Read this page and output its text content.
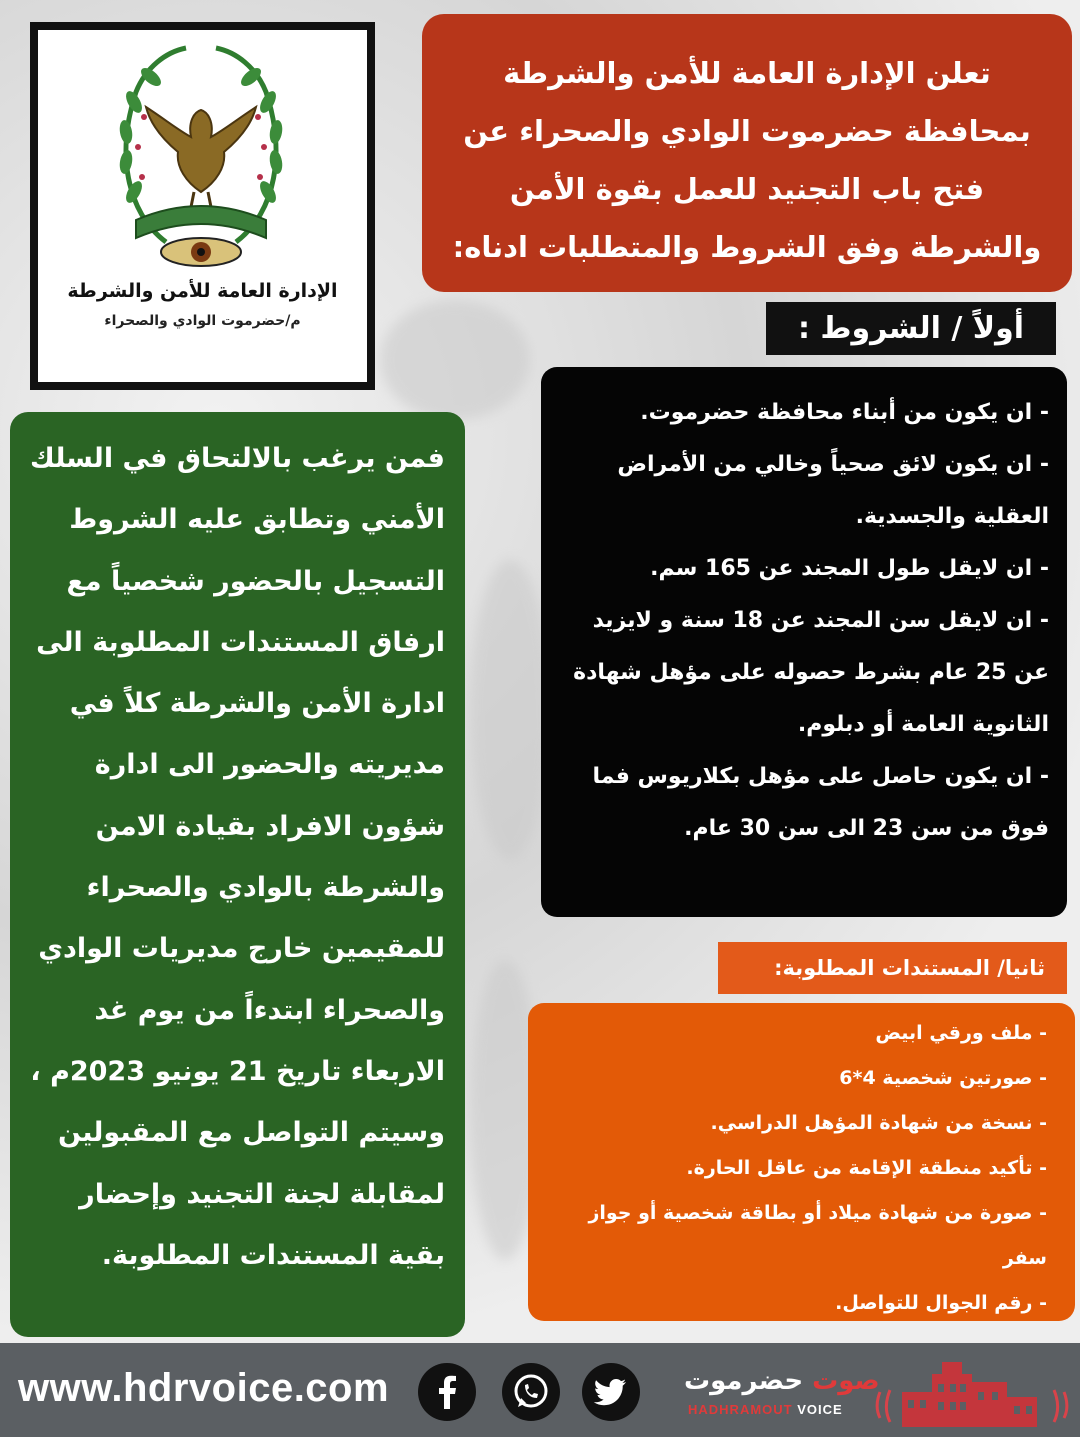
الإدارة العامة للأمن والشرطة
م/حضرموت الوادي والصحراء
تعلن الإدارة العامة للأمن والشرطة بمحافظة حضرموت الوادي والصحراء عن فتح باب التجنيد للعمل بقوة الأمن والشرطة وفق الشروط والمتطلبات ادناه:
أولاً / الشروط :

- ان يكون من أبناء محافظة حضرموت.

- ان يكون لائق صحياً وخالي من الأمراض العقلية والجسدية.

- ان لايقل طول المجند عن 165 سم.

- ان لايقل سن المجند عن 18 سنة و لايزيد عن 25 عام بشرط حصوله على مؤهل شهادة الثانوية العامة أو دبلوم.

- ان يكون حاصل على مؤهل بكلاريوس فما فوق من سن 23 الى سن 30 عام.

ثانيا/ المستندات المطلوبة:

- ملف ورقي ابيض

- صورتين شخصية 4*6

- نسخة من شهادة المؤهل الدراسي.

- تأكيد منطقة الإقامة من عاقل الحارة.

- صورة من شهادة ميلاد أو بطاقة شخصية أو جواز سفر

- رقم الجوال للتواصل.

فمن يرغب بالالتحاق في السلك الأمني وتطابق عليه الشروط التسجيل بالحضور شخصياً مع ارفاق المستندات المطلوبة الى ادارة الأمن والشرطة كلاً في مديريته والحضور الى ادارة شؤون الافراد بقيادة الامن والشرطة بالوادي والصحراء للمقيمين خارج مديريات الوادي والصحراء ابتدءاً من يوم غد الاربعاء تاريخ 21 يونيو 2023م ، وسيتم التواصل مع المقبولين لمقابلة لجنة التجنيد وإحضار بقية المستندات المطلوبة.
www.hdrvoice.com	صوت حضرموت
HADHRAMOUT VOICE
